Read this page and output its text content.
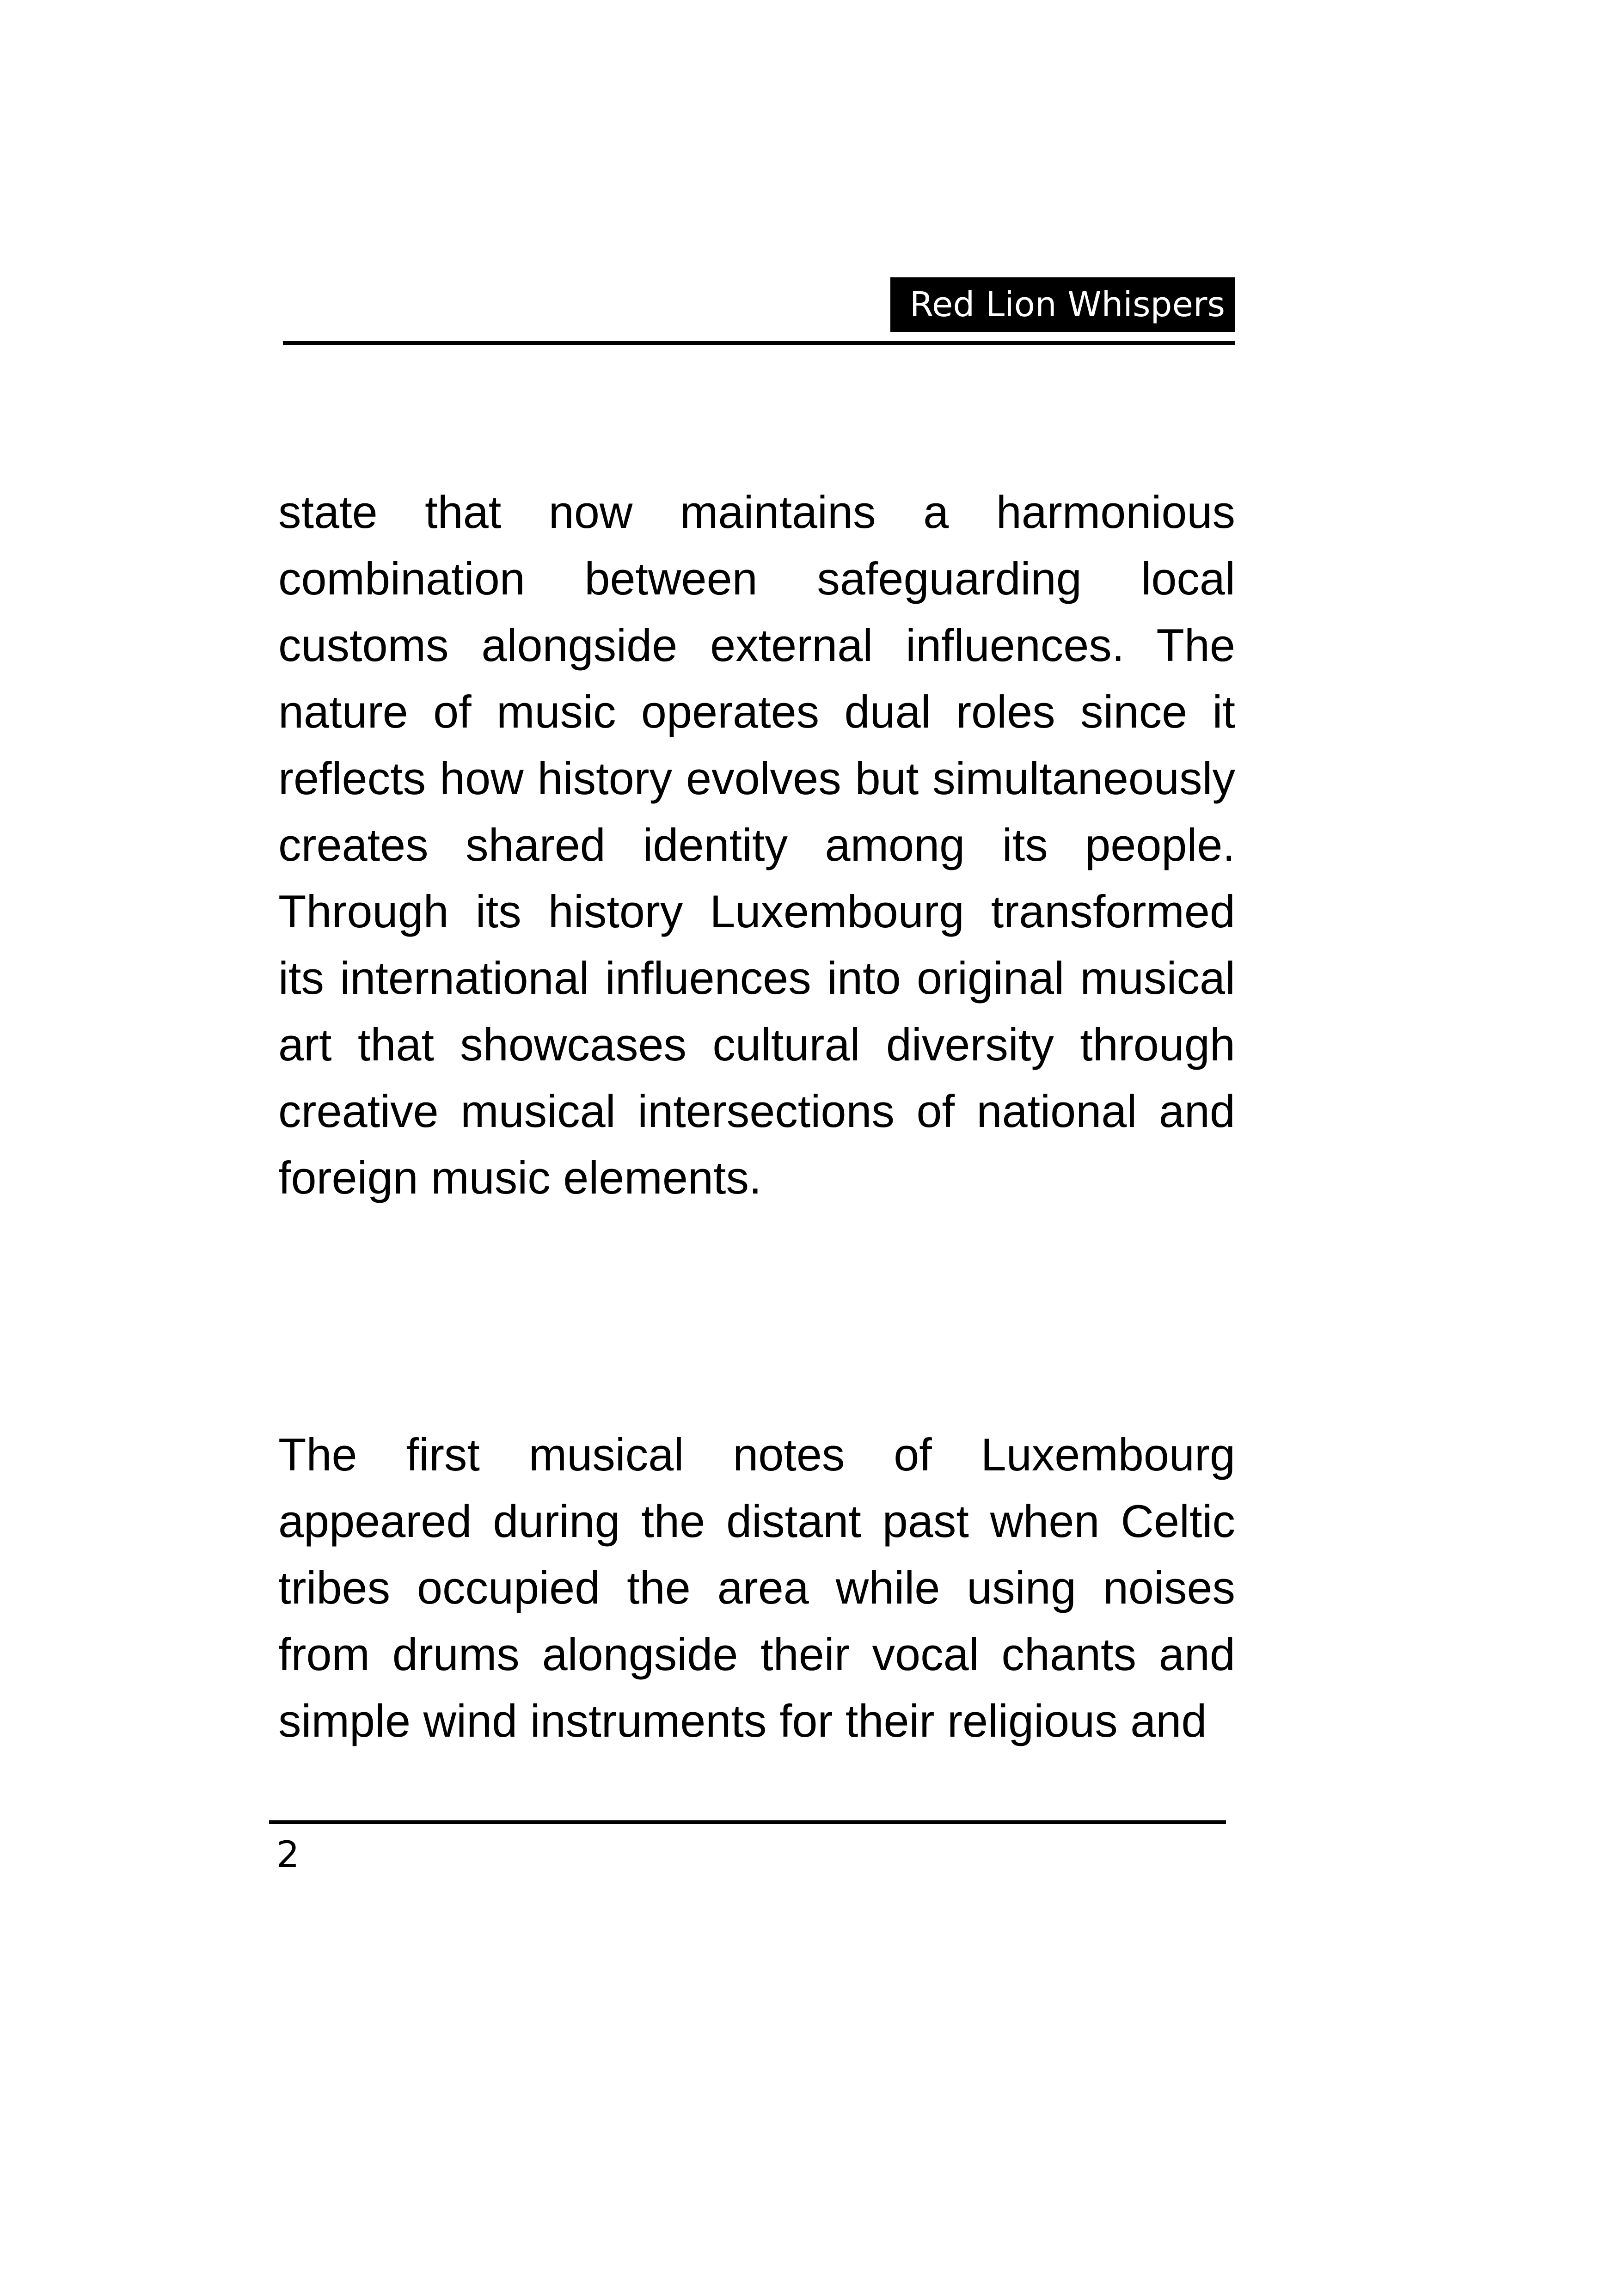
Red Lion Whispers

state that now maintains a harmonious combination between safeguarding local customs alongside external influences. The nature of music operates dual roles since it reflects how history evolves but simultaneously creates shared identity among its people. Through its history Luxembourg transformed its international influences into original musical art that showcases cultural diversity through creative musical intersections of national and foreign music elements.

The first musical notes of Luxembourg appeared during the distant past when Celtic tribes occupied the area while using noises from drums alongside their vocal chants and simple wind instruments for their religious and

2
